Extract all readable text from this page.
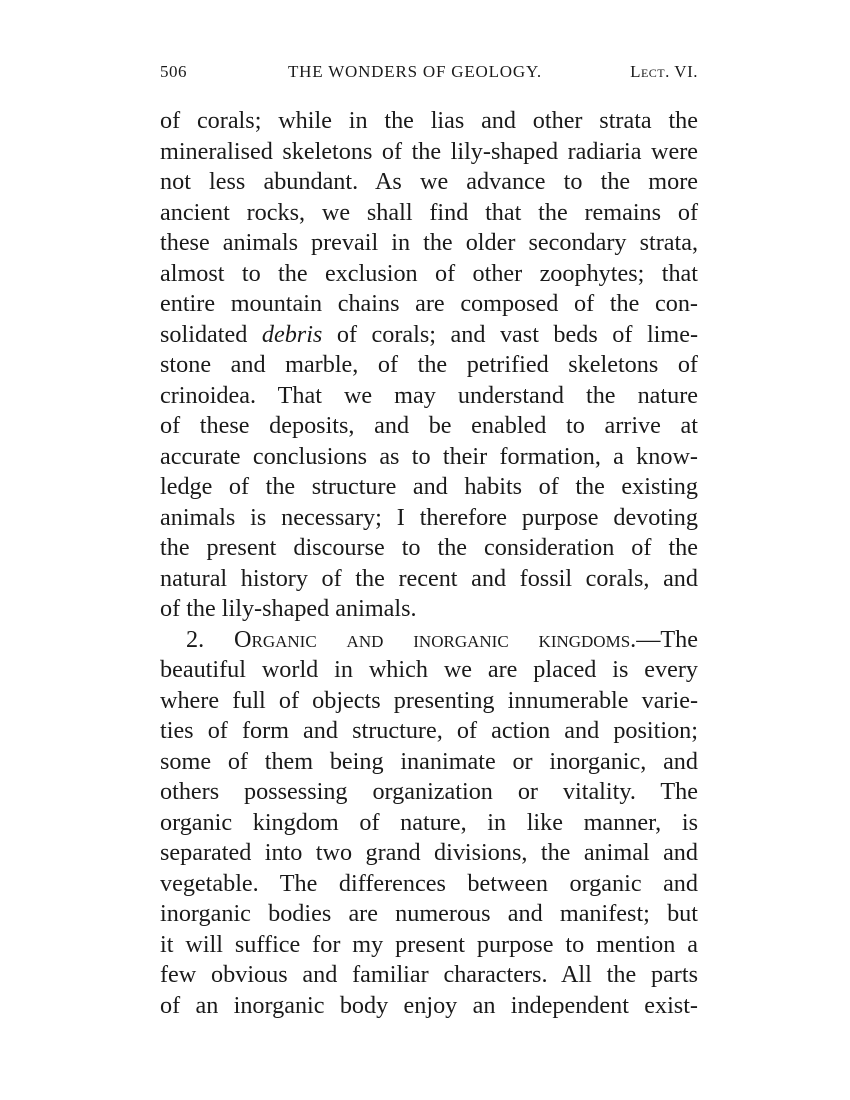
506	THE WONDERS OF GEOLOGY.	Lect. VI.
of corals; while in the lias and other strata the
mineralised skeletons of the lily-shaped radiaria were
not less abundant. As we advance to the more
ancient rocks, we shall find that the remains of
these animals prevail in the older secondary strata,
almost to the exclusion of other zoophytes; that
entire mountain chains are composed of the con-
solidated debris of corals; and vast beds of lime-
stone and marble, of the petrified skeletons of
crinoidea. That we may understand the nature
of these deposits, and be enabled to arrive at
accurate conclusions as to their formation, a know-
ledge of the structure and habits of the existing
animals is necessary; I therefore purpose devoting
the present discourse to the consideration of the
natural history of the recent and fossil corals, and
of the lily-shaped animals.
2. Organic and inorganic kingdoms.—The
beautiful world in which we are placed is every
where full of objects presenting innumerable varie-
ties of form and structure, of action and position;
some of them being inanimate or inorganic, and
others possessing organization or vitality. The
organic kingdom of nature, in like manner, is
separated into two grand divisions, the animal and
vegetable. The differences between organic and
inorganic bodies are numerous and manifest; but
it will suffice for my present purpose to mention a
few obvious and familiar characters. All the parts
of an inorganic body enjoy an independent exist-
